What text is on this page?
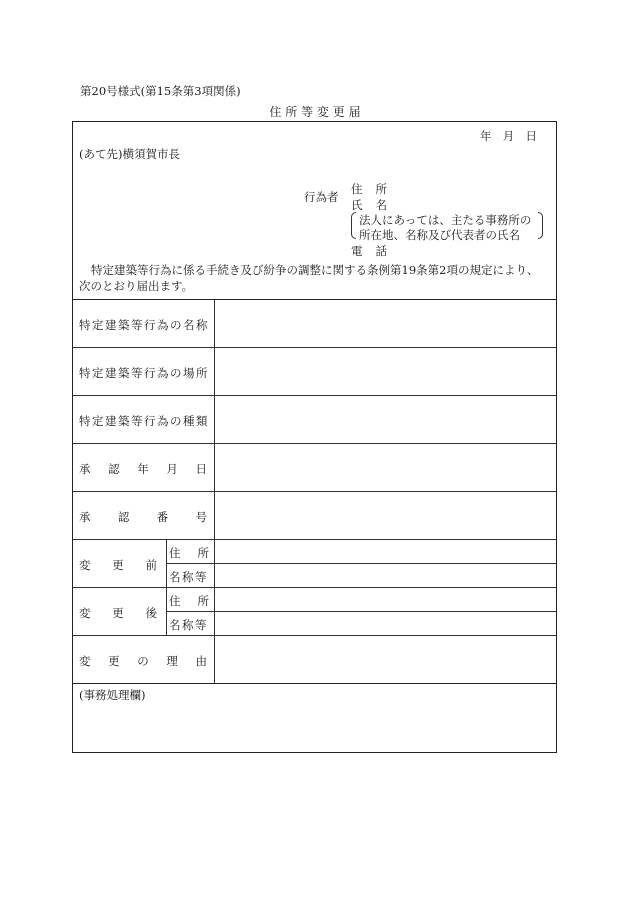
第20号様式(第15条第3項関係)
住 所 等 変 更 届
年 月 日
(あて先)横須賀市長
行為者
住 所
氏 名
法人にあっては、主たる事務所の
所在地、名称及び代表者の氏名
電 話
特定建築等行為に係る手続き及び紛争の調整に関する条例第19条第2項の規定により、
次のとおり届出ます。
特定建築等行為の名称
特定建築等行為の場所
特定建築等行為の種類
承 認 年 月 日
承 認 番 号
変 更 前
住 所
名称等
変 更 後
住 所
名称等
変 更 の 理 由
(事務処理欄)
